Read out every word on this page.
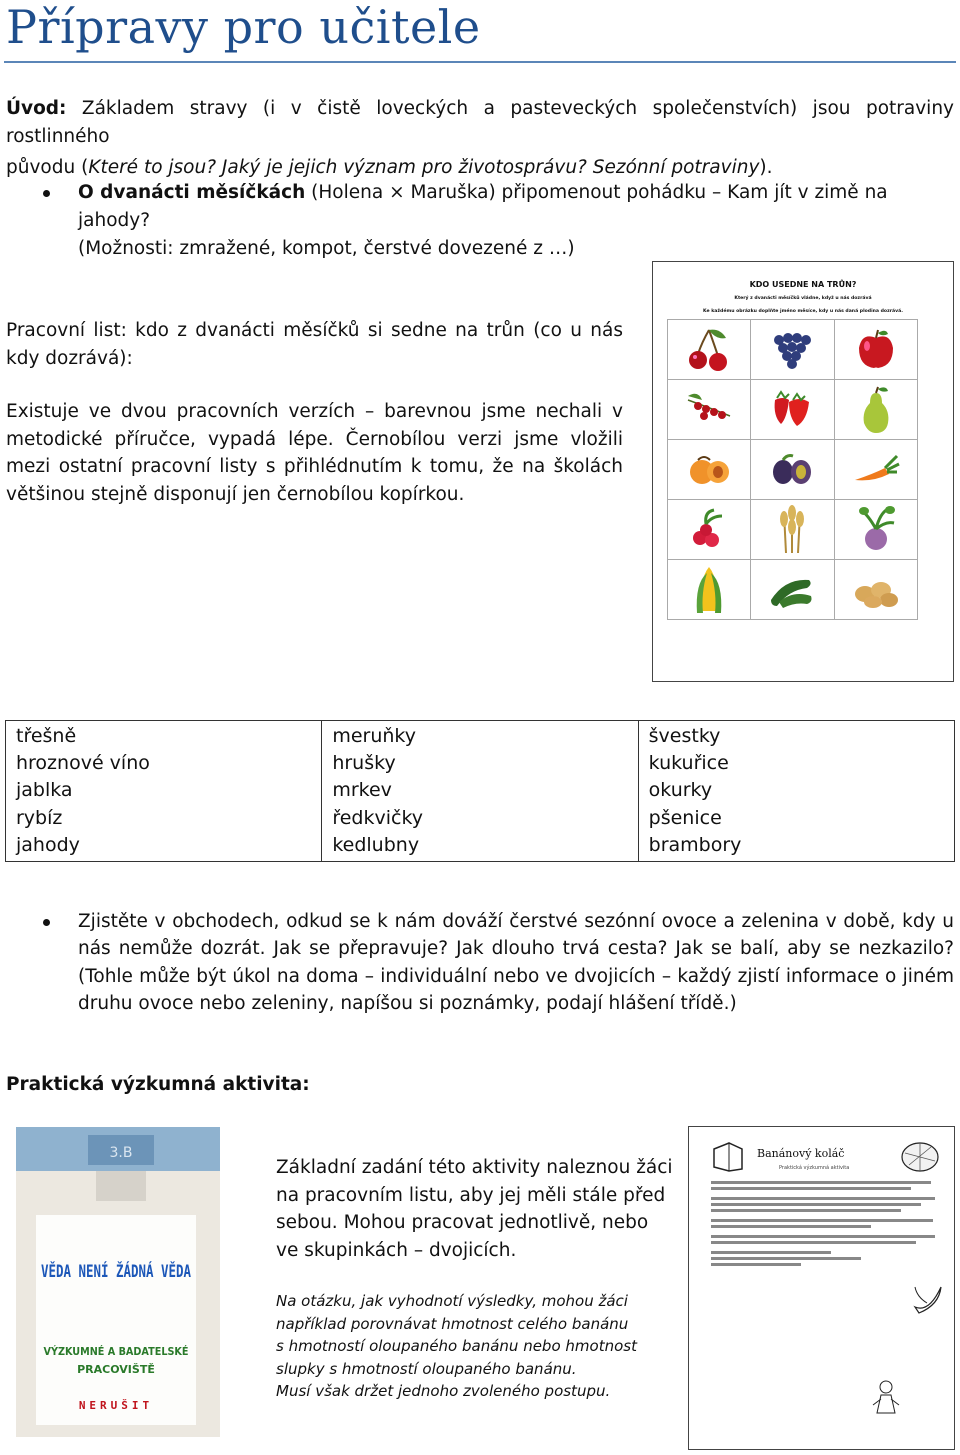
Přípravy pro učitele
Úvod: Základem stravy (i v čistě loveckých a pasteveckých společenstvích) jsou potraviny rostlinného
původu (Které to jsou? Jaký je jejich význam pro životosprávu? Sezónní potraviny).
O dvanácti měsíčkách (Holena × Maruška) připomenout pohádku – Kam jít v zimě na jahody?
(Možnosti: zmražené, kompot, čerstvé dovezené z …)
Pracovní list: kdo z dvanácti měsíčků si sedne na trůn (co u nás kdy dozrává):
Existuje ve dvou pracovních verzích – barevnou jsme nechali v metodické příručce, vypadá lépe. Černobílou verzi jsme vložili mezi ostatní pracovní listy s přihlédnutím k tomu, že na školách většinou stejně disponují jen černobílou kopírkou.
KDO USEDNE NA TRŮN?
Který z dvanácti měsíčků vládne, když u nás dozrává
Ke každému obrázku doplňte jméno měsíce, kdy u nás daná plodina dozrává.
třešně
hroznové víno
jablka
rybíz
jahody

meruňky
hrušky
mrkev
ředkvičky
kedlubny

švestky
kukuřice
okurky
pšenice
brambory
Zjistěte v obchodech, odkud se k nám dováží čerstvé sezónní ovoce a zelenina v době, kdy u nás nemůže dozrát. Jak se přepravuje? Jak dlouho trvá cesta? Jak se balí, aby se nezkazilo? (Tohle může být úkol na doma – individuální nebo ve dvojicích – každý zjistí informace o jiném druhu ovoce nebo zeleniny, napíšou si poznámky, podají hlášení třídě.)
Praktická výzkumná aktivita:
3.B
VĚDA NENÍ ŽÁDNÁ VĚDA
VÝZKUMNÉ A BADATELSKÉ
PRACOVIŠTĚ
NERUŠIT
Základní zadání této aktivity naleznou žáci na pracovním listu, aby jej měli stále před sebou. Mohou pracovat jednotlivě, nebo ve skupinkách – dvojicích.
Na otázku, jak vyhodnotí výsledky, mohou žáci
například porovnávat hmotnost celého banánu
s hmotností oloupaného banánu nebo hmotnost
slupky s hmotností oloupaného banánu.
Musí však držet jednoho zvoleného postupu.
Banánový koláč
Praktická výzkumná aktivita
